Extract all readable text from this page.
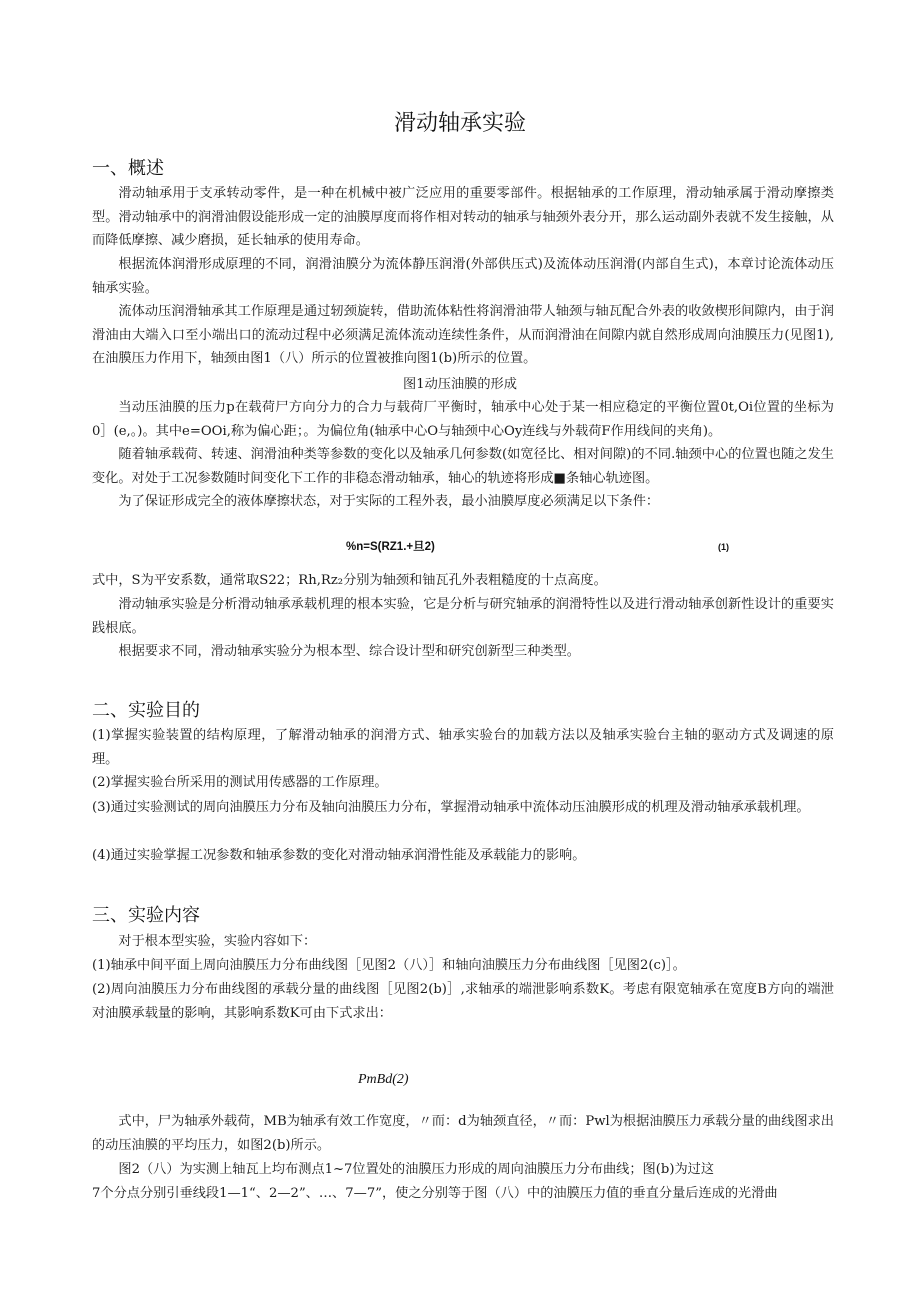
滑动轴承实验
一、概述
滑动轴承用于支承转动零件，是一种在机械中被广泛应用的重要零部件。根据轴承的工作原理，滑动轴承属于滑动摩擦类型。滑动轴承中的润滑油假设能形成一定的油膜厚度而将作相对转动的轴承与轴颈外表分开，那么运动副外表就不发生接触，从而降低摩擦、减少磨损，延长轴承的使用寿命。
根据流体润滑形成原理的不同，润滑油膜分为流体静压润滑(外部供压式)及流体动压润滑(内部自生式)，本章讨论流体动压轴承实验。
流体动压润滑轴承其工作原理是通过轫颈旋转，借助流体粘性将润滑油带人轴颈与轴瓦配合外表的收敛楔形间隙内，由于润滑油由大端入口至小端出口的流动过程中必须满足流体流动连续性条件，从而润滑油在间隙内就自然形成周向油膜压力(见图1),在油膜压力作用下，轴颈由图1（八）所示的位置被推向图1(b)所示的位置。
图1动压油膜的形成
当动压油膜的压力p在载荷尸方向分力的合力与载荷厂平衡时，轴承中心处于某一相应稳定的平衡位置0t,Oi位置的坐标为0］(e,。)。其中e=OOi,称为偏心距；。为偏位角(轴承中心O与轴颈中心Oy连线与外载荷F作用线间的夹角)。
随着轴承载荷、转速、润滑油种类等参数的变化以及轴承几何参数(如宽径比、相对间隙)的不同.轴颈中心的位置也随之发生变化。对处于工况参数随时间变化下工作的非稳态滑动轴承，轴心的轨迹将形成■条轴心轨迹图。
为了保证形成完全的液体摩擦状态，对于实际的工程外表，最小油膜厚度必须满足以下条件：
%n=S(RZ1.+旦2)	(1)
式中，S为平安系数，通常取S22；Rh,Rz₂分别为轴颈和铀瓦孔外表粗糙度的十点高度。
滑动轴承实验是分析滑动轴承承载机理的根本实验，它是分析与研究轴承的润滑特性以及进行滑动轴承创新性设计的重要实践根底。
根据要求不同，滑动轴承实验分为根本型、综合设计型和研究创新型三种类型。
二、实验目的
(1)掌握实验装置的结构原理，了解滑动轴承的润滑方式、轴承实验台的加载方法以及轴承实验台主轴的驱动方式及调速的原理。
(2)掌握实验台所采用的测试用传感器的工作原理。
(3)通过实验测试的周向油膜压力分布及轴向油膜压力分布，掌握滑动轴承中流体动压油膜形成的机理及滑动轴承承载机理。
(4)通过实验掌握工况参数和轴承参数的变化对滑动轴承润滑性能及承载能力的影响。
三、实验内容
对于根本型实验，实验内容如下：
(1)轴承中间平面上周向油膜压力分布曲线图［见图2（八）］和轴向油膜压力分布曲线图［见图2(c)］。
(2)周向油膜压力分布曲线图的承载分量的曲线图［见图2(b)］,求轴承的端泄影响系数K。考虑有限宽轴承在宽度B方向的端泄对油膜承载量的影响，其影响系数K可由下式求出：
PmBd(2)
式中，尸为轴承外载荷，MB为轴承有效工作宽度，〃而：d为轴颈直径，〃而：Pwl为根据油膜压力承载分量的曲线图求出的动压油膜的平均压力，如图2(b)所示。
图2（八）为实测上轴瓦上均布测点1~7位置处的油膜压力形成的周向油膜压力分布曲线；图(b)为过这
7个分点分别引垂线段1—1“、2—2”、…、7—7”，使之分别等于图（八）中的油膜压力值的垂直分量后连成的光滑曲
